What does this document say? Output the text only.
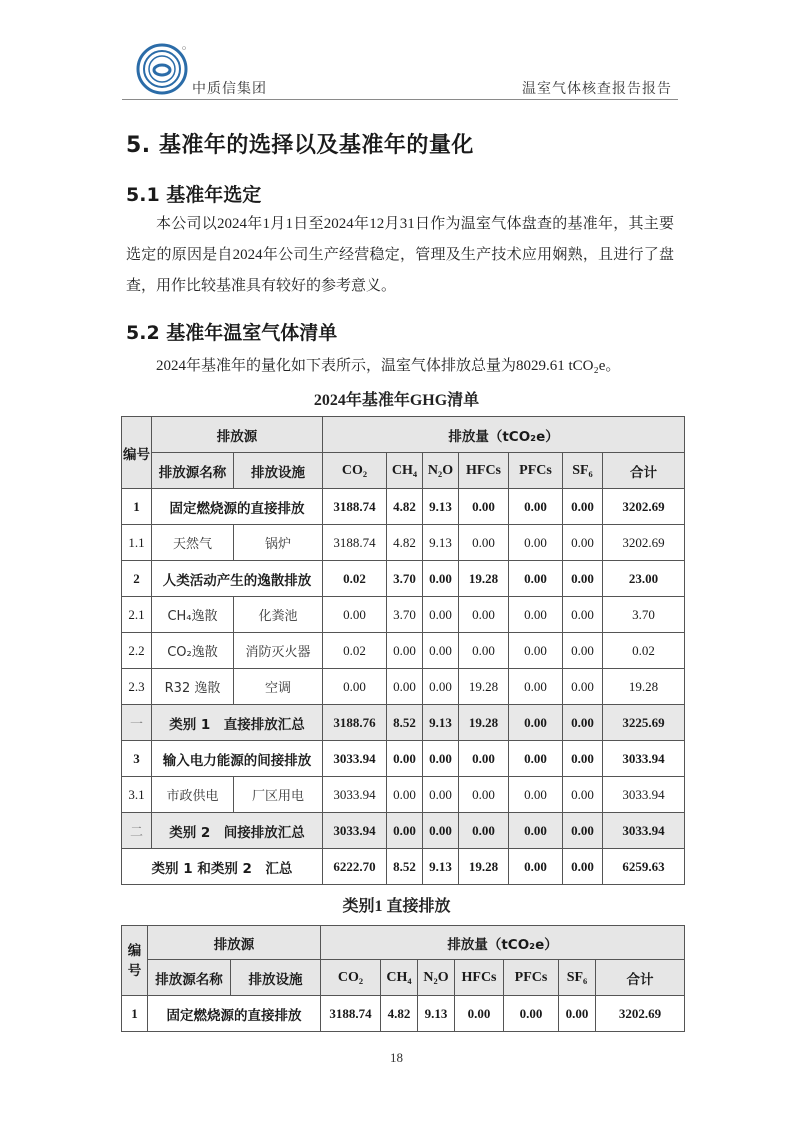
中质信集团	温室气体核查报告报告
5. 基准年的选择以及基准年的量化
5.1 基准年选定
本公司以2024年1月1日至2024年12月31日作为温室气体盘查的基准年，其主要选定的原因是自2024年公司生产经营稳定，管理及生产技术应用娴熟，且进行了盘查，用作比较基准具有较好的参考意义。
5.2 基准年温室气体清单
2024年基准年的量化如下表所示，温室气体排放总量为8029.61 tCO₂e。
2024年基准年GHG清单
编号	排放源		排放量（tCO₂e）						
	排放源名称	排放设施	CO₂	CH₄	N₂O	HFCs	PFCs	SF₆	合计
1	固定燃烧源的直接排放		3188.74	4.82	9.13	0.00	0.00	0.00	3202.69
1.1	天然气	锅炉	3188.74	4.82	9.13	0.00	0.00	0.00	3202.69
2	人类活动产生的逸散排放		0.02	3.70	0.00	19.28	0.00	0.00	23.00
2.1	CH₄逸散	化粪池	0.00	3.70	0.00	0.00	0.00	0.00	3.70
2.2	CO₂逸散	消防灭火器	0.02	0.00	0.00	0.00	0.00	0.00	0.02
2.3	R32 逸散	空调	0.00	0.00	0.00	19.28	0.00	0.00	19.28
一	类别 1　直接排放汇总		3188.76	8.52	9.13	19.28	0.00	0.00	3225.69
3	输入电力能源的间接排放		3033.94	0.00	0.00	0.00	0.00	0.00	3033.94
3.1	市政供电	厂区用电	3033.94	0.00	0.00	0.00	0.00	0.00	3033.94
二	类别 2　间接排放汇总		3033.94	0.00	0.00	0.00	0.00	0.00	3033.94
类别 1 和类别 2　汇总			6222.70	8.52	9.13	19.28	0.00	0.00	6259.63
类别1 直接排放
编号	排放源		排放量（tCO₂e）						
	排放源名称	排放设施	CO₂	CH₄	N₂O	HFCs	PFCs	SF₆	合计
1	固定燃烧源的直接排放		3188.74	4.82	9.13	0.00	0.00	0.00	3202.69
18
